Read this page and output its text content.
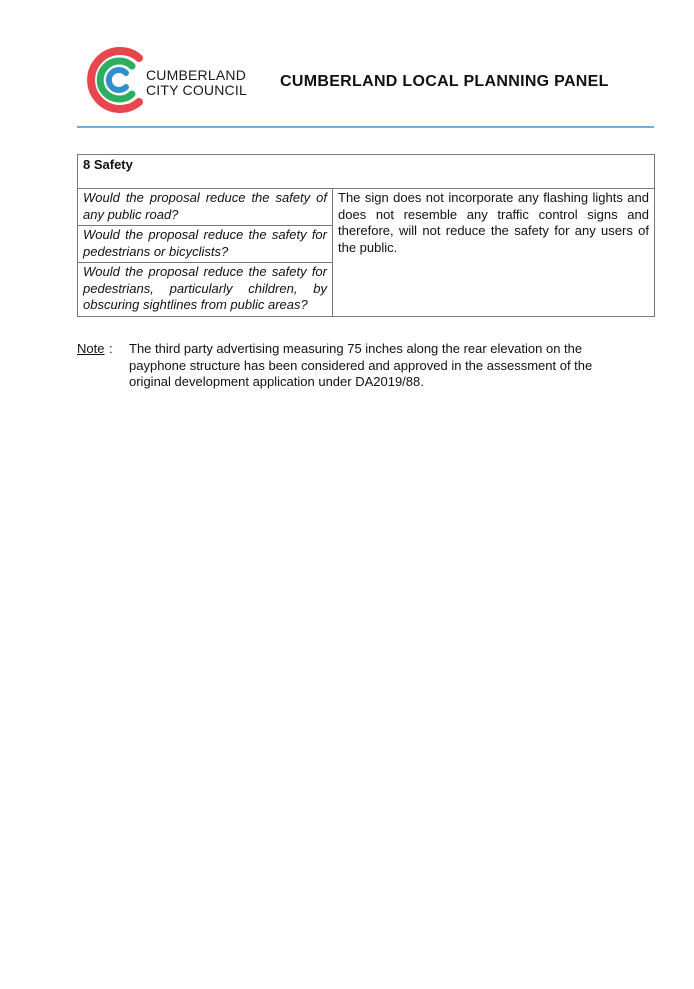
CUMBERLAND
CITY COUNCIL CUMBERLAND LOCAL PLANNING PANEL
8 Safety
Would the proposal reduce the safety of any public road?	The sign does not incorporate any flashing lights and does not resemble any traffic control signs and therefore, will not reduce the safety for any users of the public.
Would the proposal reduce the safety for pedestrians or bicyclists?
Would the proposal reduce the safety for pedestrians, particularly children, by obscuring sightlines from public areas?
Note : The third party advertising measuring 75 inches along the rear elevation on the payphone structure has been considered and approved in the assessment of the original development application under DA2019/88.
